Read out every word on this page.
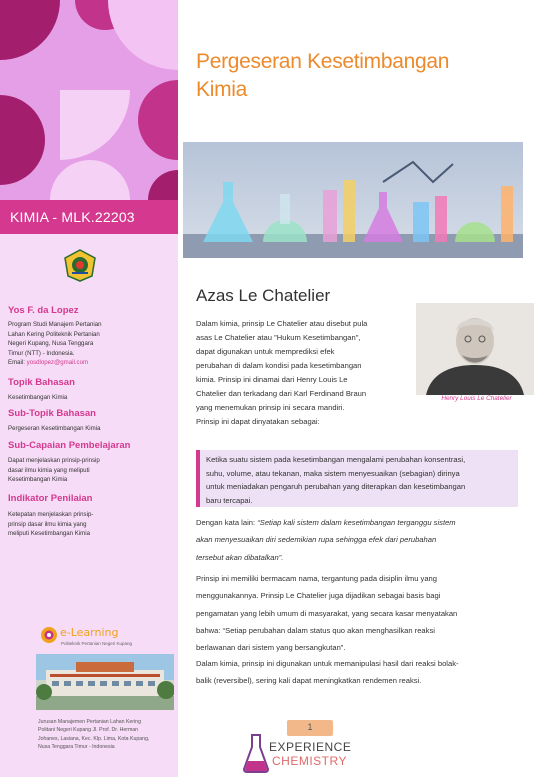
KIMIA - MLK.22203
Yos F. da Lopez
Program Studi Manajem Pertanian
Lahan Kering Politeknik Pertanian
Negeri Kupang, Nusa Tenggara
Timur (NTT) - Indonesia.
Email: yosdlopez@gmail.com
Topik Bahasan
Kesetimbangan Kimia
Sub-Topik Bahasan
Pergeseran Kesetimbangan Kimia
Sub-Capaian Pembelajaran
Dapat menjelaskan prinsip-prinsip
dasar ilmu kimia yang meliputi
Kesetimbangan Kimia
Indikator Penilaian
Ketepatan menjelaskan prinsip-
prinsip dasar ilmu kimia yang
meliputi Kesetimbangan Kimia
e-Learning
Politeknik Pertanian Negeri Kupang
Jurusan Manajemen Pertanian Lahan Kering
Politani Negeri Kupang Jl. Prof. Dr. Herman
Johanes, Lasiana, Kec. Klp. Lima, Kota Kupang,
Nusa Tenggara Timur - Indonesia
Pergeseran Kesetimbangan
Kimia
Azas Le Chatelier
Henry Louis Le Chatelier
Dalam kimia, prinsip Le Chatelier atau disebut pula
asas Le Chatelier atau "Hukum Kesetimbangan",
dapat digunakan untuk memprediksi efek
perubahan di dalam kondisi pada kesetimbangan
kimia. Prinsip ini dinamai dari Henry Louis Le
Chatelier dan terkadang dari Karl Ferdinand Braun
yang menemukan prinsip ini secara mandiri.
Prinsip ini dapat dinyatakan sebagai:
Ketika suatu sistem pada kesetimbangan mengalami perubahan konsentrasi,
suhu, volume, atau tekanan, maka sistem menyesuaikan (sebagian) dirinya
untuk meniadakan pengaruh perubahan yang diterapkan dan kesetimbangan
baru tercapai.
Dengan kata lain: “Setiap kali sistem dalam kesetimbangan terganggu sistem
akan menyesuaikan diri sedemikian rupa sehingga efek dari perubahan
tersebut akan dibatalkan”.
Prinsip ini memiliki bermacam nama, tergantung pada disiplin ilmu yang
menggunakannya. Prinsip Le Chatelier juga dijadikan sebagai basis bagi
pengamatan yang lebih umum di masyarakat, yang secara kasar menyatakan
bahwa: “Setiap perubahan dalam status quo akan menghasilkan reaksi
berlawanan dari sistem yang bersangkutan”.
Dalam kimia, prinsip ini digunakan untuk memanipulasi hasil dari reaksi bolak-
balik (reversibel), sering kali dapat meningkatkan rendemen reaksi.
1
EXPERIENCE
CHEMISTRY
